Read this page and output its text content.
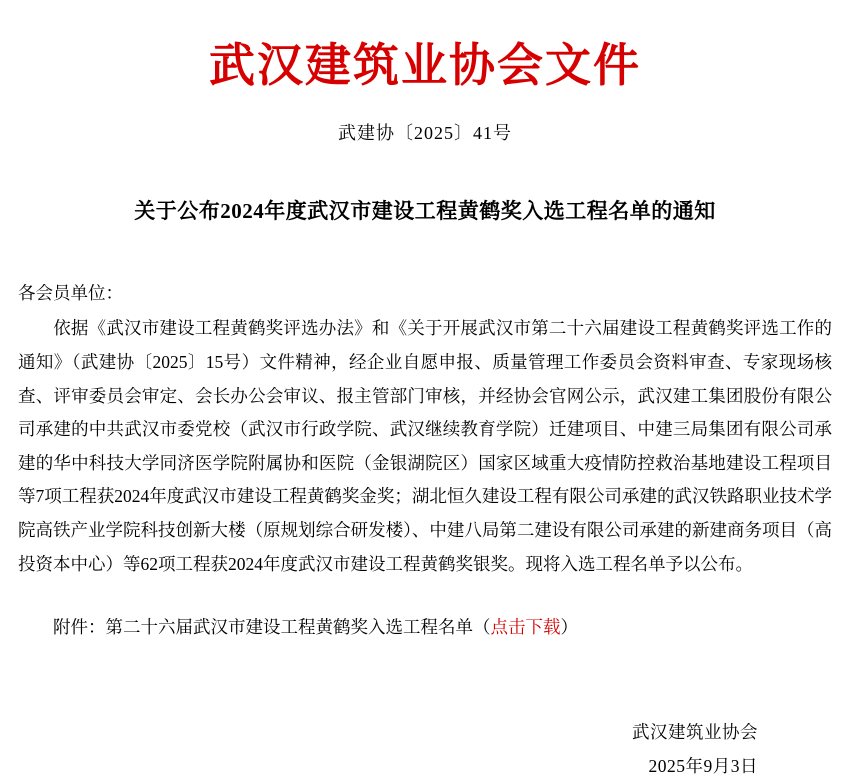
武汉建筑业协会文件
武建协〔2025〕41号
关于公布2024年度武汉市建设工程黄鹤奖入选工程名单的通知
各会员单位：
依据《武汉市建设工程黄鹤奖评选办法》和《关于开展武汉市第二十六届建设工程黄鹤奖评选工作的通知》（武建协〔2025〕15号）文件精神，经企业自愿申报、质量管理工作委员会资料审查、专家现场核查、评审委员会审定、会长办公会审议、报主管部门审核，并经协会官网公示，武汉建工集团股份有限公司承建的中共武汉市委党校（武汉市行政学院、武汉继续教育学院）迁建项目、中建三局集团有限公司承建的华中科技大学同济医学院附属协和医院（金银湖院区）国家区域重大疫情防控救治基地建设工程项目等7项工程获2024年度武汉市建设工程黄鹤奖金奖；湖北恒久建设工程有限公司承建的武汉铁路职业技术学院高铁产业学院科技创新大楼（原规划综合研发楼）、中建八局第二建设有限公司承建的新建商务项目（高投资本中心）等62项工程获2024年度武汉市建设工程黄鹤奖银奖。现将入选工程名单予以公布。
附件：第二十六届武汉市建设工程黄鹤奖入选工程名单（点击下载）
武汉建筑业协会
2025年9月3日
